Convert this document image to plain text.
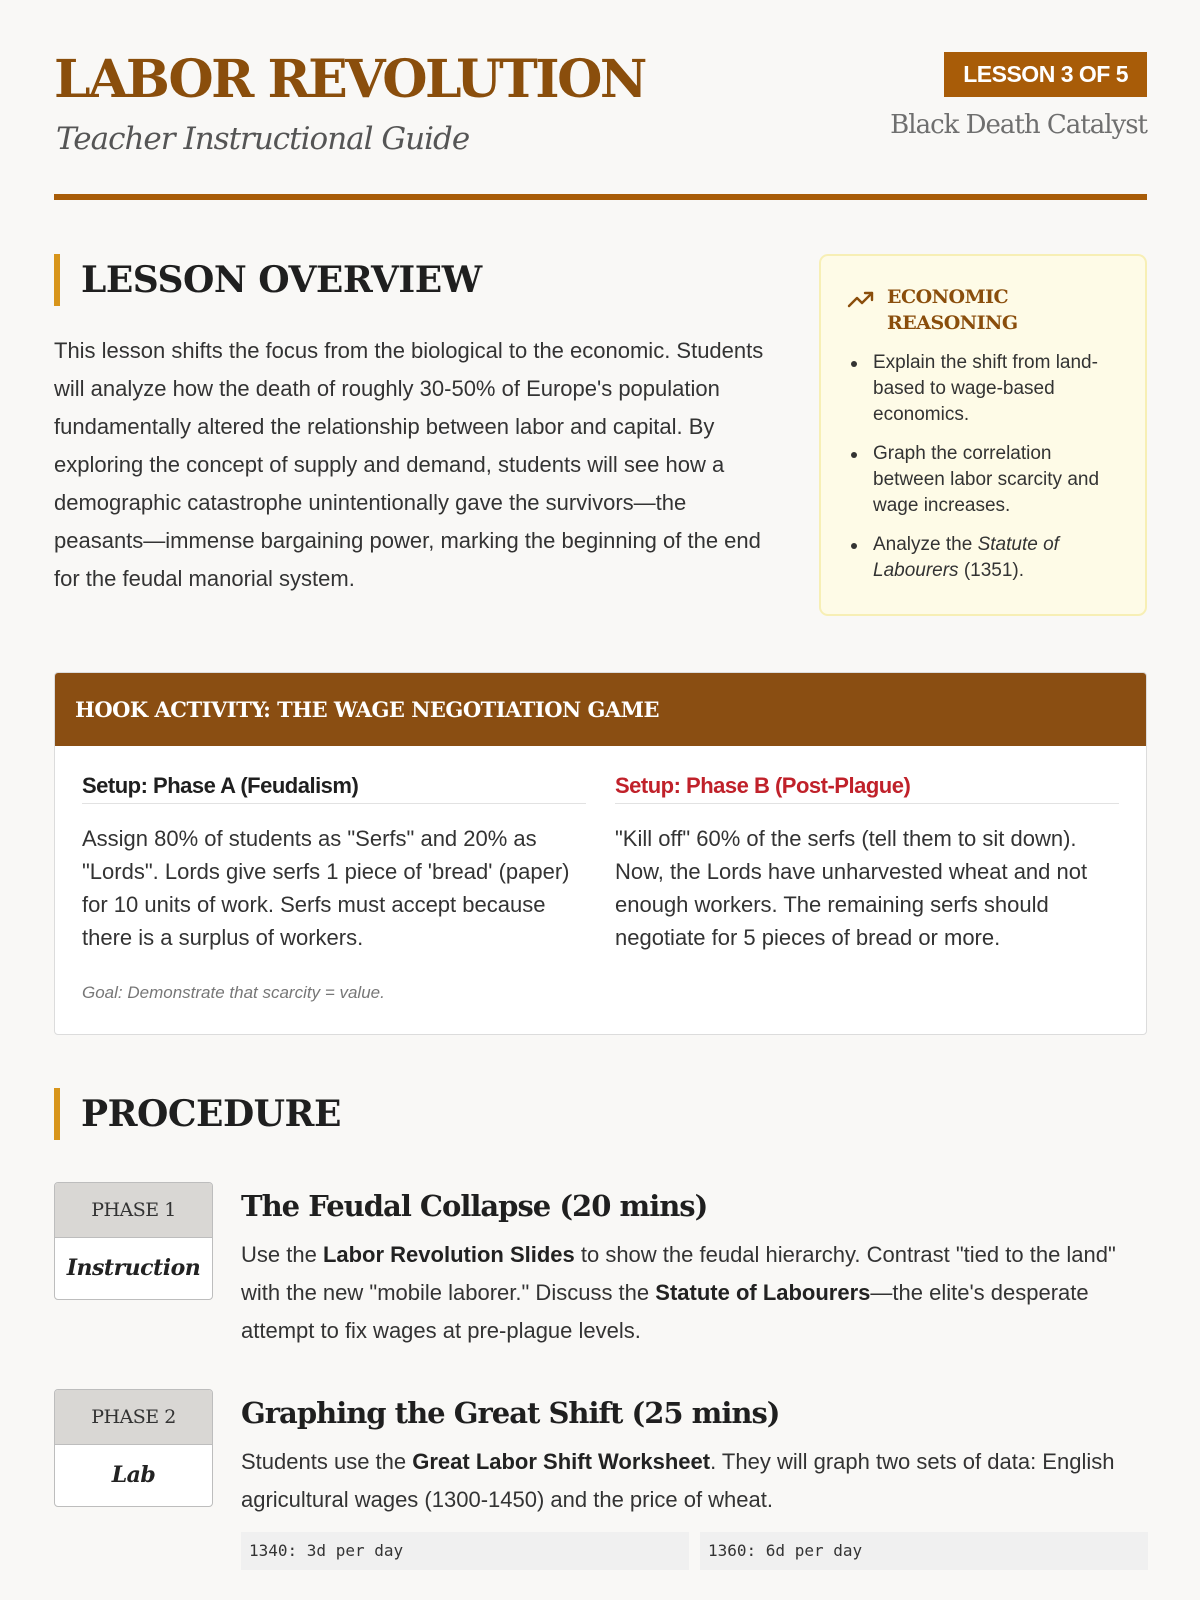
LABOR REVOLUTION
Teacher Instructional Guide
LESSON 3 OF 5
Black Death Catalyst
LESSON OVERVIEW

This lesson shifts the focus from the biological to the economic. Students will analyze how the death of roughly 30-50% of Europe's population fundamentally altered the relationship between labor and capital. By exploring the concept of supply and demand, students will see how a demographic catastrophe unintentionally gave the survivors—the peasants—immense bargaining power, marking the beginning of the end for the feudal manorial system.

ECONOMIC REASONING
Explain the shift from land-based to wage-based economics.
Graph the correlation between labor scarcity and wage increases.
Analyze the Statute of Labourers (1351).
HOOK ACTIVITY: THE WAGE NEGOTIATION GAME
Setup: Phase A (Feudalism)
Assign 80% of students as "Serfs" and 20% as "Lords". Lords give serfs 1 piece of 'bread' (paper) for 10 units of work. Serfs must accept because there is a surplus of workers.
Setup: Phase B (Post-Plague)
"Kill off" 60% of the serfs (tell them to sit down). Now, the Lords have unharvested wheat and not enough workers. The remaining serfs should negotiate for 5 pieces of bread or more.
Goal: Demonstrate that scarcity = value.
PROCEDURE
PHASE 1
Instruction
The Feudal Collapse (20 mins)
Use the Labor Revolution Slides to show the feudal hierarchy. Contrast "tied to the land" with the new "mobile laborer." Discuss the Statute of Labourers—the elite's desperate attempt to fix wages at pre-plague levels.
PHASE 2
Lab
Graphing the Great Shift (25 mins)
Students use the Great Labor Shift Worksheet. They will graph two sets of data: English agricultural wages (1300-1450) and the price of wheat.
1340: 3d per day	1360: 6d per day
